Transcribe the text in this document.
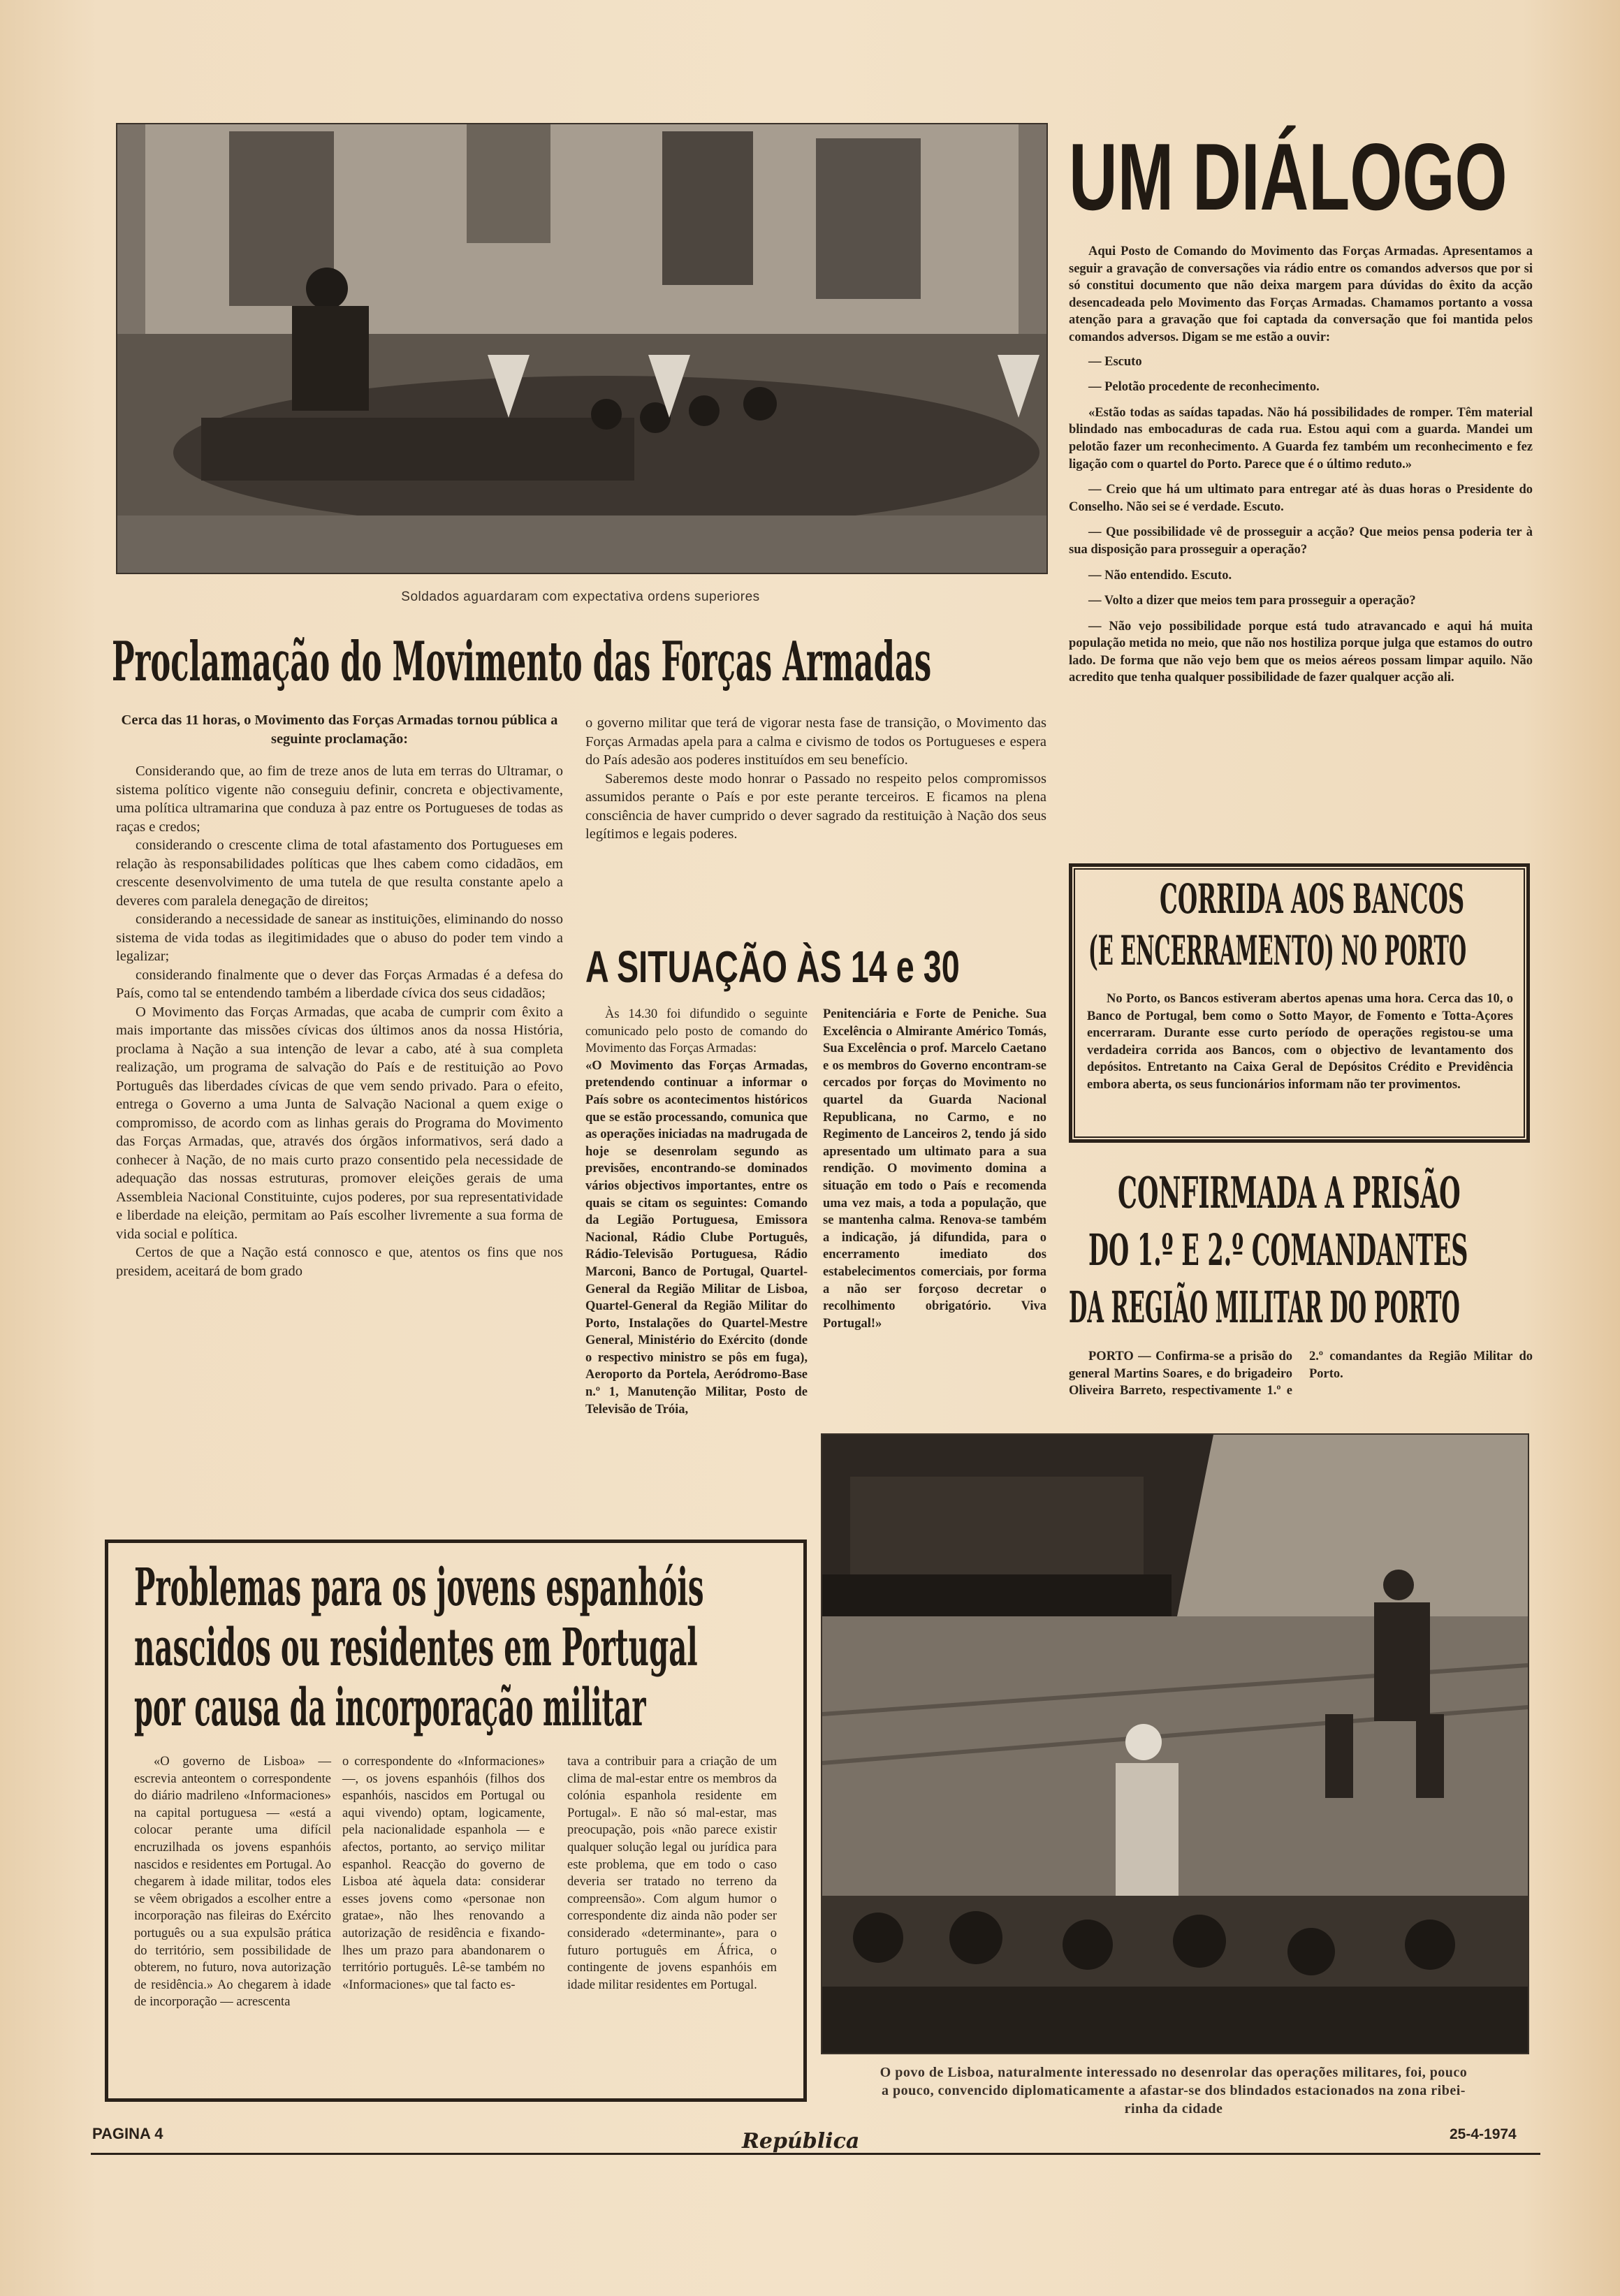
Soldados aguardaram com expectativa ordens superiores
Proclamação do Movimento das Forças Armadas

Cerca das 11 horas, o Movimento das Forças Armadas tornou pública a seguinte proclamação:

Considerando que, ao fim de treze anos de luta em terras do Ultramar, o sistema político vigente não conseguiu definir, concreta e objectivamente, uma política ultramarina que conduza à paz entre os Portugueses de todas as raças e credos;

considerando o crescente clima de total afastamento dos Portugueses em relação às responsabilidades políticas que lhes cabem como cidadãos, em crescente desenvolvimento de uma tutela de que resulta constante apelo a deveres com paralela denegação de direitos;

considerando a necessidade de sanear as instituições, eliminando do nosso sistema de vida todas as ilegitimidades que o abuso do poder tem vindo a legalizar;

considerando finalmente que o dever das Forças Armadas é a defesa do País, como tal se entendendo também a liberdade cívica dos seus cidadãos;

O Movimento das Forças Armadas, que acaba de cumprir com êxito a mais importante das missões cívicas dos últimos anos da nossa História, proclama à Nação a sua intenção de levar a cabo, até à sua completa realização, um programa de salvação do País e de restituição ao Povo Português das liberdades cívicas de que vem sendo privado. Para o efeito, entrega o Governo a uma Junta de Salvação Nacional a quem exige o compromisso, de acordo com as linhas gerais do Programa do Movimento das Forças Armadas, que, através dos órgãos informativos, será dado a conhecer à Nação, de no mais curto prazo consentido pela necessidade de adequação das nossas estruturas, promover eleições gerais de uma Assembleia Nacional Constituinte, cujos poderes, por sua representatividade e liberdade na eleição, permitam ao País escolher livremente a sua forma de vida social e política.

Certos de que a Nação está connosco e que, atentos os fins que nos presidem, aceitará de bom grado

o governo militar que terá de vigorar nesta fase de transição, o Movimento das Forças Armadas apela para a calma e civismo de todos os Portugueses e espera do País adesão aos poderes instituídos em seu benefício.

Saberemos deste modo honrar o Passado no respeito pelos compromissos assumidos perante o País e por este perante terceiros. E ficamos na plena consciência de haver cumprido o dever sagrado da restituição à Nação dos seus legítimos e legais poderes.

A SITUAÇÃO ÀS 14 e 30

Às 14.30 foi difundido o seguinte comunicado pelo posto de comando do Movimento das Forças Armadas:

«O Movimento das Forças Armadas, pretendendo continuar a informar o País sobre os acontecimentos históricos que se estão processando, comunica que as operações iniciadas na madrugada de hoje se desenrolam segundo as previsões, encontrando-se dominados vários objectivos importantes, entre os quais se citam os seguintes: Comando da Legião Portuguesa, Emissora Nacional, Rádio Clube Português, Rádio-Televisão Portuguesa, Rádio Marconi, Banco de Portugal, Quartel-General da Região Militar de Lisboa, Quartel-General da Região Militar do Porto, Instalações do Quartel-Mestre General, Ministério do Exército (donde o respectivo ministro se pôs em fuga), Aeroporto da Portela, Aeródromo-Base n.º 1, Manutenção Militar, Posto de Televisão de Tróia,

Penitenciária e Forte de Peniche. Sua Excelência o Almirante Américo Tomás, Sua Excelência o prof. Marcelo Caetano e os membros do Governo encontram-se cercados por forças do Movimento no quartel da Guarda Nacional Republicana, no Carmo, e no Regimento de Lanceiros 2, tendo já sido apresentado um ultimato para a sua rendição. O movimento domina a situação em todo o País e recomenda uma vez mais, a toda a população, que se mantenha calma. Renova-se também a indicação, já difundida, para o encerramento imediato dos estabelecimentos comerciais, por forma a não ser forçoso decretar o recolhimento obrigatório. Viva Portugal!»

UM DIÁLOGO

Aqui Posto de Comando do Movimento das Forças Armadas. Apresentamos a seguir a gravação de conversações via rádio entre os comandos adversos que por si só constitui documento que não deixa margem para dúvidas do êxito da acção desencadeada pelo Movimento das Forças Armadas. Chamamos portanto a vossa atenção para a gravação que foi captada da conversação que foi mantida pelos comandos adversos. Digam se me estão a ouvir:

— Escuto

— Pelotão procedente de reconhecimento.

«Estão todas as saídas tapadas. Não há possibilidades de romper. Têm material blindado nas embocaduras de cada rua. Estou aqui com a guarda. Mandei um pelotão fazer um reconhecimento. A Guarda fez também um reconhecimento e fez ligação com o quartel do Porto. Parece que é o último reduto.»

— Creio que há um ultimato para entregar até às duas horas o Presidente do Conselho. Não sei se é verdade. Escuto.

— Que possibilidade vê de prosseguir a acção? Que meios pensa poderia ter à sua disposição para prosseguir a operação?

— Não entendido. Escuto.

— Volto a dizer que meios tem para prosseguir a operação?

— Não vejo possibilidade porque está tudo atravancado e aqui há muita população metida no meio, que não nos hostiliza porque julga que estamos do outro lado. De forma que não vejo bem que os meios aéreos possam limpar aquilo. Não acredito que tenha qualquer possibilidade de fazer qualquer acção ali.

CORRIDA AOS BANCOS
(E ENCERRAMENTO) NO PORTO

No Porto, os Bancos estiveram abertos apenas uma hora. Cerca das 10, o Banco de Portugal, bem como o Sotto Mayor, de Fomento e Totta-Açores encerraram. Durante esse curto período de operações registou-se uma verdadeira corrida aos Bancos, com o objectivo de levantamento dos depósitos. Entretanto na Caixa Geral de Depósitos Crédito e Previdência embora aberta, os seus funcionários informam não ter provimentos.

CONFIRMADA A PRISÃO
DO 1.º E 2.º COMANDANTES
DA REGIÃO MILITAR DO PORTO

PORTO — Confirma-se a prisão do general Martins Soares, e do brigadeiro Oliveira Barreto, respectivamente 1.º e 2.º comandantes da Região Militar do Porto.

Problemas para os jovens espanhóis
nascidos ou residentes em Portugal
por causa da incorporação militar

«O governo de Lisboa» — escrevia anteontem o correspondente do diário madrileno «Informaciones» na capital portuguesa — «está a colocar perante uma difícil encruzilhada os jovens espanhóis nascidos e residentes em Portugal. Ao chegarem à idade militar, todos eles se vêem obrigados a escolher entre a incorporação nas fileiras do Exército português ou a sua expulsão prática do território, sem possibilidade de obterem, no futuro, nova autorização de residência.» Ao chegarem à idade de incorporação — acrescenta

o correspondente do «Informaciones» —, os jovens espanhóis (filhos dos espanhóis, nascidos em Portugal ou aqui vivendo) optam, logicamente, pela nacionalidade espanhola — e afectos, portanto, ao serviço militar espanhol. Reacção do governo de Lisboa até àquela data: considerar esses jovens como «personae non gratae», não lhes renovando a autorização de residência e fixando-lhes um prazo para abandonarem o território português. Lê-se também no «Informaciones» que tal facto es-

tava a contribuir para a criação de um clima de mal-estar entre os membros da colónia espanhola residente em Portugal». E não só mal-estar, mas preocupação, pois «não parece existir qualquer solução legal ou jurídica para este problema, que em todo o caso deveria ser tratado no terreno da compreensão». Com algum humor o correspondente diz ainda não poder ser considerado «determinante», para o futuro português em África, o contingente de jovens espanhóis em idade militar residentes em Portugal.

O povo de Lisboa, naturalmente interessado no desenrolar das operações militares, foi, pouco
a pouco, convencido diplomaticamente a afastar-se dos blindados estacionados na zona ribei-
rinha da cidade
PAGINA 4	República	25-4-1974
